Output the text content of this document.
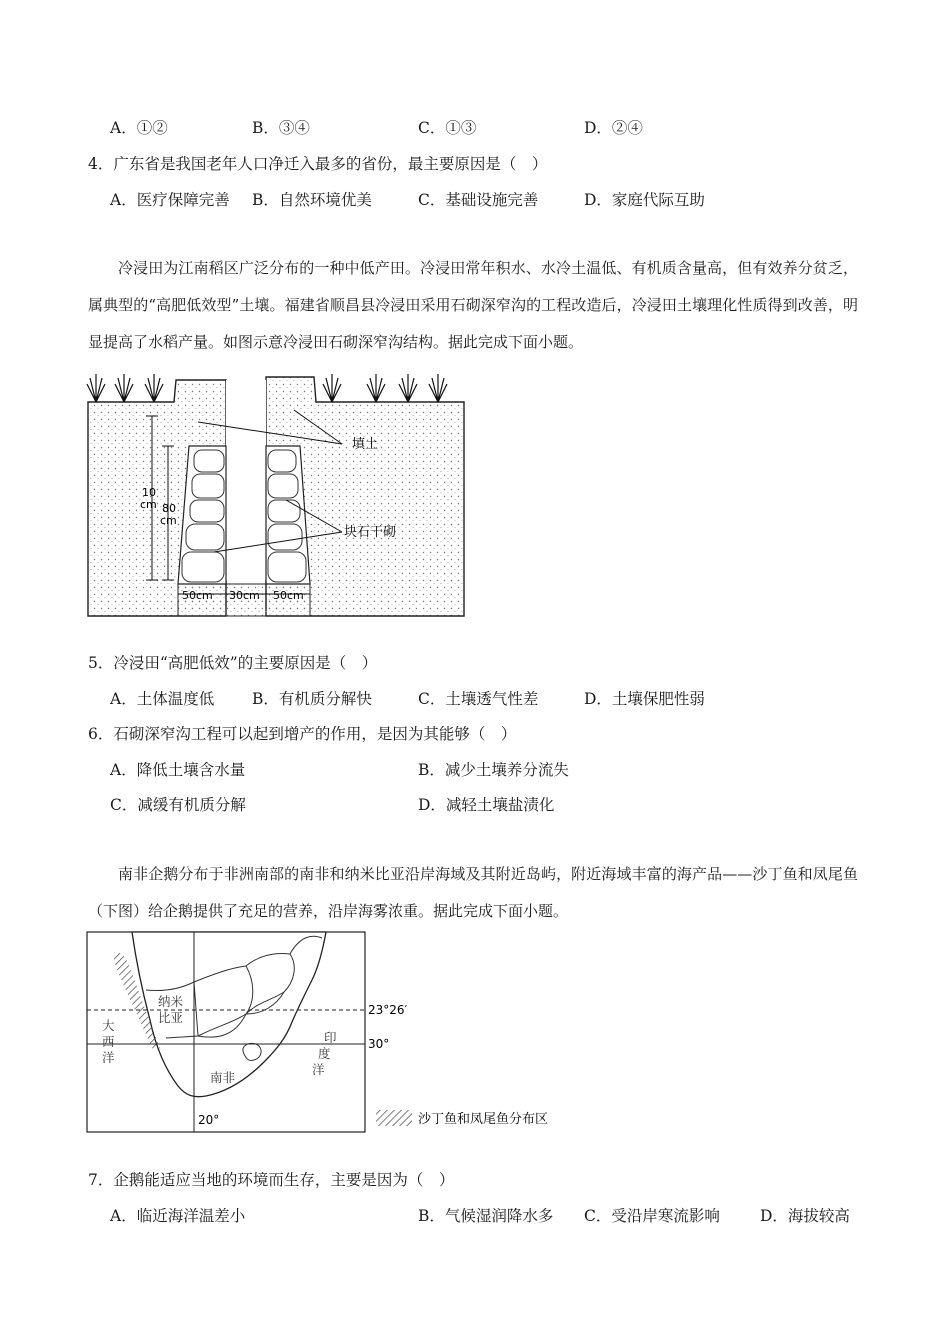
A．①②	B．③④	C．①③	D．②④
4．广东省是我国老年人口净迁入最多的省份，最主要原因是（　）
A．医疗保障完善 B．自然环境优美	C．基础设施完善	D．家庭代际互助

冷浸田为江南稻区广泛分布的一种中低产田。冷浸田常年积水、水冷土温低、有机质含量高，但有效养分贫乏，属典型的“高肥低效型”土壤。福建省顺昌县冷浸田采用石砌深窄沟的工程改造后，冷浸田土壤理化性质得到改善，明显提高了水稻产量。如图示意冷浸田石砌深窄沟结构。据此完成下面小题。

填土
块石干砌
10
cm 80
cm
50cm 30cm 50cm
5．冷浸田“高肥低效”的主要原因是（　）
A．土体温度低 B．有机质分解快	C．土壤透气性差	D．土壤保肥性弱
6．石砌深窄沟工程可以起到增产的作用，是因为其能够（　）
A．降低土壤含水量	B．减少土壤养分流失
C．减缓有机质分解	D．减轻土壤盐渍化

南非企鹅分布于非洲南部的南非和纳米比亚沿岸海域及其附近岛屿，附近海域丰富的海产品——沙丁鱼和凤尾鱼（下图）给企鹅提供了充足的营养，沿岸海雾浓重。据此完成下面小题。

纳米
比亚
大
西
洋
印
度
洋
南非
23°26′
30°
20°	沙丁鱼和凤尾鱼分布区
7．企鹅能适应当地的环境而生存，主要是因为（　）
A．临近海洋温差小	B．气候湿润降水多 C．受沿岸寒流影响	D．海拔较高
